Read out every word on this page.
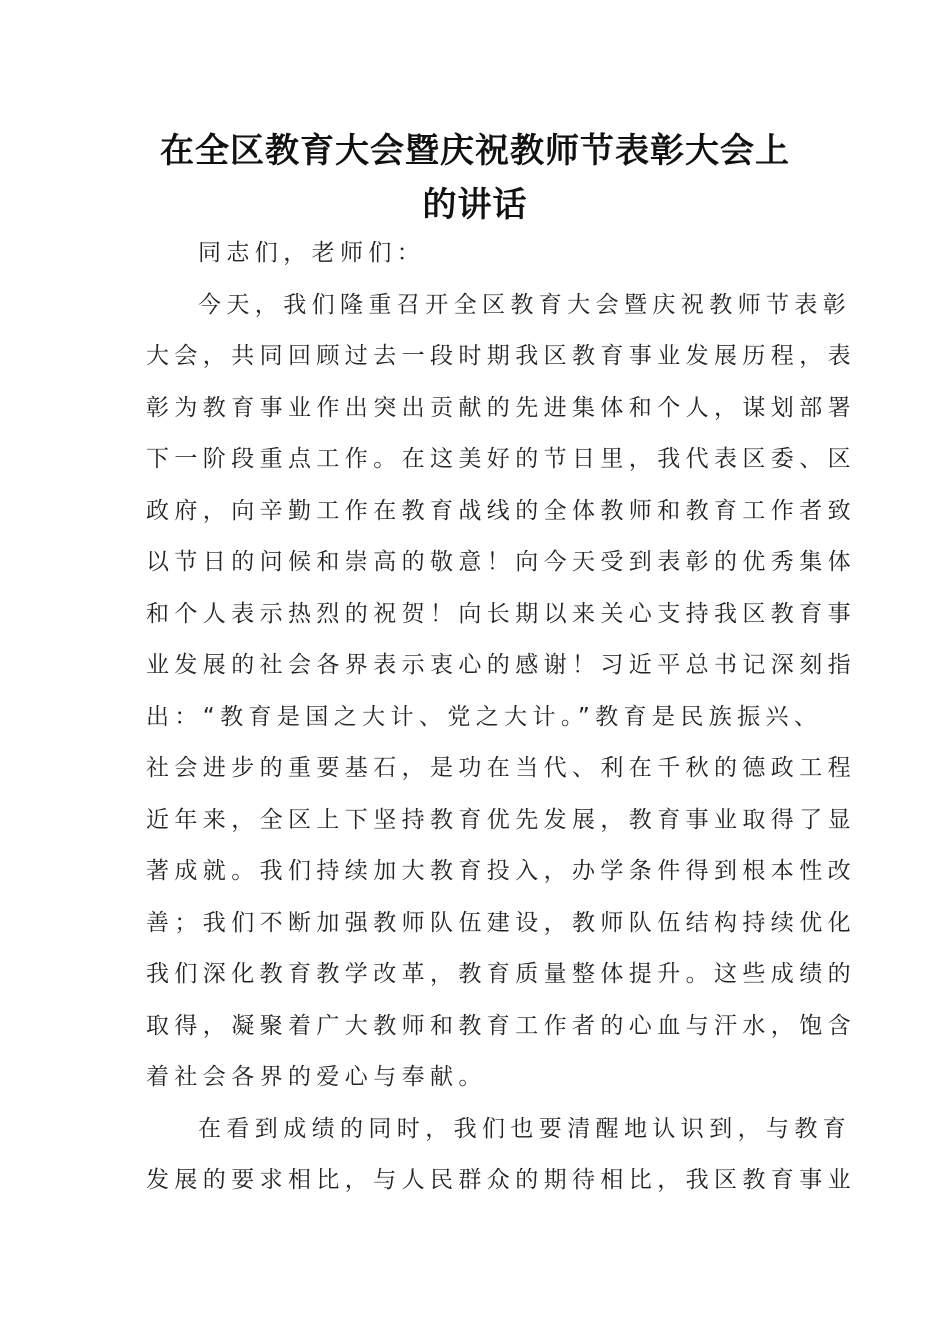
在全区教育大会暨庆祝教师节表彰大会上
的讲话
同志们，老师们：
今天，我们隆重召开全区教育大会暨庆祝教师节表彰
大会，共同回顾过去一段时期我区教育事业发展历程，表
彰为教育事业作出突出贡献的先进集体和个人，谋划部署
下一阶段重点工作。在这美好的节日里，我代表区委、区
政府，向辛勤工作在教育战线的全体教师和教育工作者致
以节日的问候和崇高的敬意！向今天受到表彰的优秀集体
和个人表示热烈的祝贺！向长期以来关心支持我区教育事
业发展的社会各界表示衷心的感谢！习近平总书记深刻指
出：“教育是国之大计、党之大计。”教育是民族振兴、
社会进步的重要基石，是功在当代、利在千秋的德政工程
近年来，全区上下坚持教育优先发展，教育事业取得了显
著成就。我们持续加大教育投入，办学条件得到根本性改
善；我们不断加强教师队伍建设，教师队伍结构持续优化
我们深化教育教学改革，教育质量整体提升。这些成绩的
取得，凝聚着广大教师和教育工作者的心血与汗水，饱含
着社会各界的爱心与奉献。
在看到成绩的同时，我们也要清醒地认识到，与教育
发展的要求相比，与人民群众的期待相比，我区教育事业
